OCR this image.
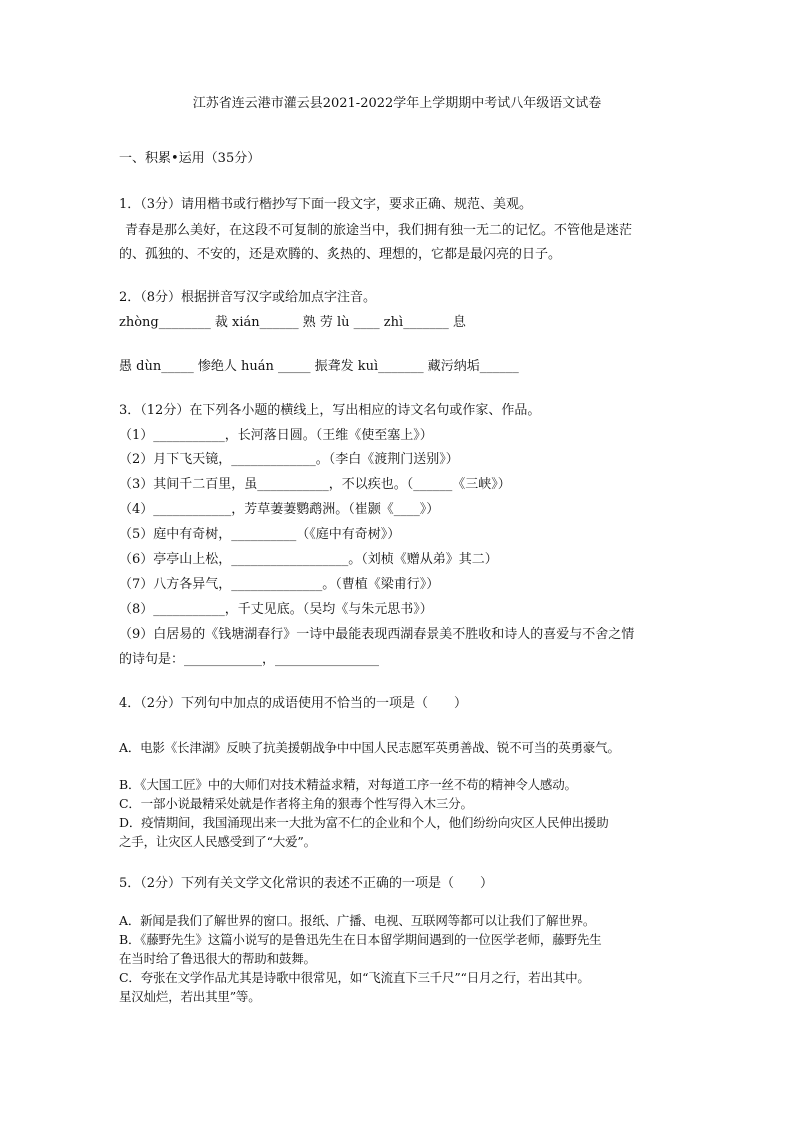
江苏省连云港市灌云县2021-2022学年上学期期中考试八年级语文试卷
一、积累•运用（35分）
1．（3分）请用楷书或行楷抄写下面一段文字，要求正确、规范、美观。
青春是那么美好，在这段不可复制的旅途当中，我们拥有独一无二的记忆。不管他是迷茫
的、孤独的、不安的，还是欢腾的、炙热的、理想的，它都是最闪亮的日子。
2．（8分）根据拼音写汉字或给加点字注音。
zhòng________ 裁 xián______ 熟 劳 lù ____ zhì_______ 息
愚 dùn_____ 惨绝人 huán _____ 振聋发 kuì_______ 藏污纳垢______
3．（12分）在下列各小题的横线上，写出相应的诗文名句或作家、作品。
（1）___________，长河落日圆。（王维《使至塞上》）
（2）月下飞天镜，_____________。（李白《渡荆门送别》）
（3）其间千二百里，虽___________，不以疾也。（______《三峡》）
（4）____________，芳草萋萋鹦鹉洲。（崔颢《____》）
（5）庭中有奇树，__________（《庭中有奇树》）
（6）亭亭山上松，__________________。（刘桢《赠从弟》其二）
（7）八方各异气，______________。（曹植《梁甫行》）
（8）___________，千丈见底。（吴均《与朱元思书》）
（9）白居易的《钱塘湖春行》一诗中最能表现西湖春景美不胜收和诗人的喜爱与不舍之情
的诗句是：____________，________________
4．（2分）下列句中加点的成语使用不恰当的一项是（　　）
A．电影《长津湖》反映了抗美援朝战争中中国人民志愿军英勇善战、锐不可当的英勇豪气。
B．《大国工匠》中的大师们对技术精益求精，对每道工序一丝不苟的精神令人感动。
C．一部小说最精采处就是作者将主角的狠毒个性写得入木三分。
D．疫情期间，我国涌现出来一大批为富不仁的企业和个人，他们纷纷向灾区人民伸出援助
之手，让灾区人民感受到了“大爱”。
5．（2分）下列有关文学文化常识的表述不正确的一项是（　　）
A．新闻是我们了解世界的窗口。报纸、广播、电视、互联网等都可以让我们了解世界。
B．《藤野先生》这篇小说写的是鲁迅先生在日本留学期间遇到的一位医学老师，藤野先生
在当时给了鲁迅很大的帮助和鼓舞。
C．夸张在文学作品尤其是诗歌中很常见，如“飞流直下三千尺”“日月之行，若出其中。
星汉灿烂，若出其里”等。
